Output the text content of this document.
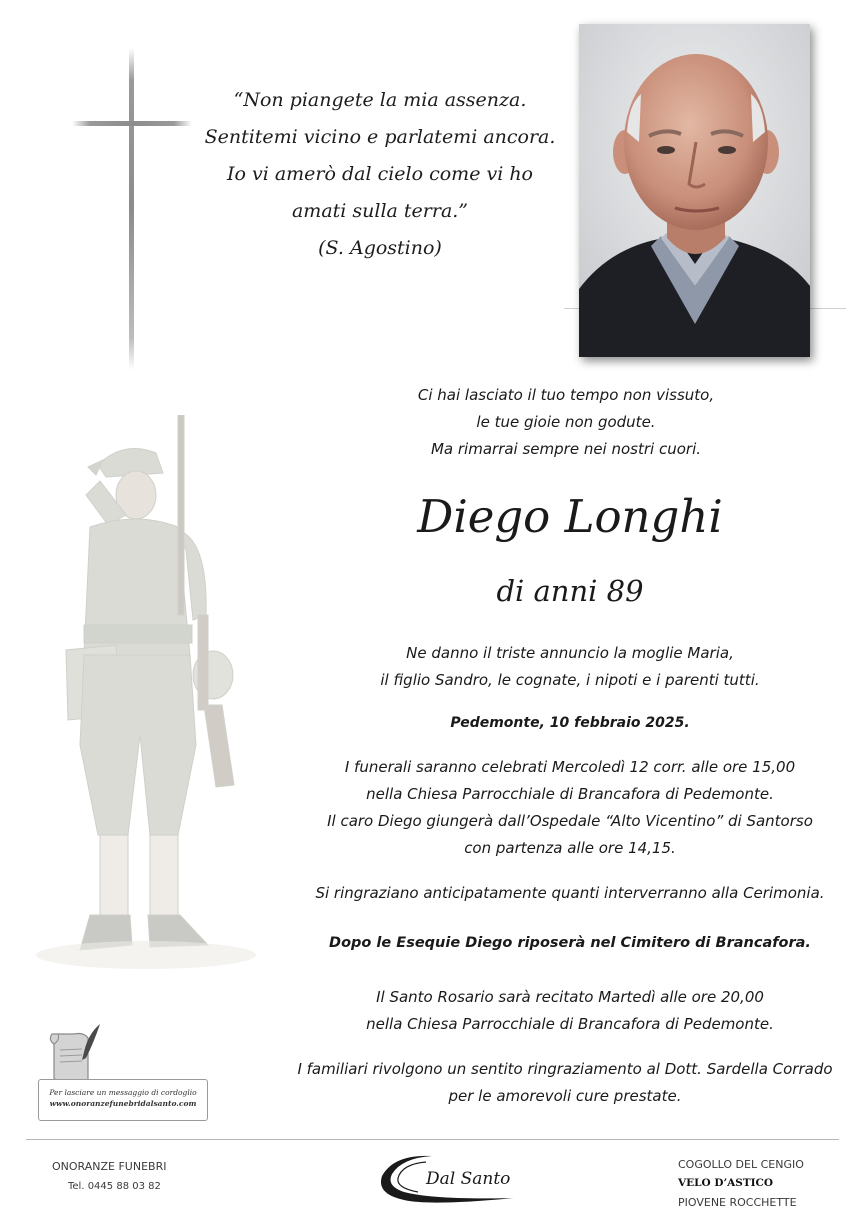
“Non piangete la mia assenza.
Sentitemi vicino e parlatemi ancora.
Io vi amerò dal cielo come vi ho
amati sulla terra.”
(S. Agostino)
Ci hai lasciato il tuo tempo non vissuto,
le tue gioie non godute.
Ma rimarrai sempre nei nostri cuori.
Diego Longhi
di anni 89
Ne danno il triste annuncio la moglie Maria,
il figlio Sandro, le cognate, i nipoti e i parenti tutti.
Pedemonte, 10 febbraio 2025.
I funerali saranno celebrati Mercoledì 12 corr. alle ore 15,00
nella Chiesa Parrocchiale di Brancafora di Pedemonte.
Il caro Diego giungerà dall’Ospedale “Alto Vicentino” di Santorso
con partenza alle ore 14,15.
Si ringraziano anticipatamente quanti interverranno alla Cerimonia.
Dopo le Esequie Diego riposerà nel Cimitero di Brancafora.
Il Santo Rosario sarà recitato Martedì alle ore 20,00
nella Chiesa Parrocchiale di Brancafora di Pedemonte.
I familiari rivolgono un sentito ringraziamento al Dott. Sardella Corrado
per le amorevoli cure prestate.
Per lasciare un messaggio di cordoglio
www.onoranzefunebridalsanto.com
ONORANZE FUNEBRI
Tel. 0445 88 03 82	Dal Santo
COGOLLO DEL CENGIO
VELO D’ASTICO
PIOVENE ROCCHETTE
